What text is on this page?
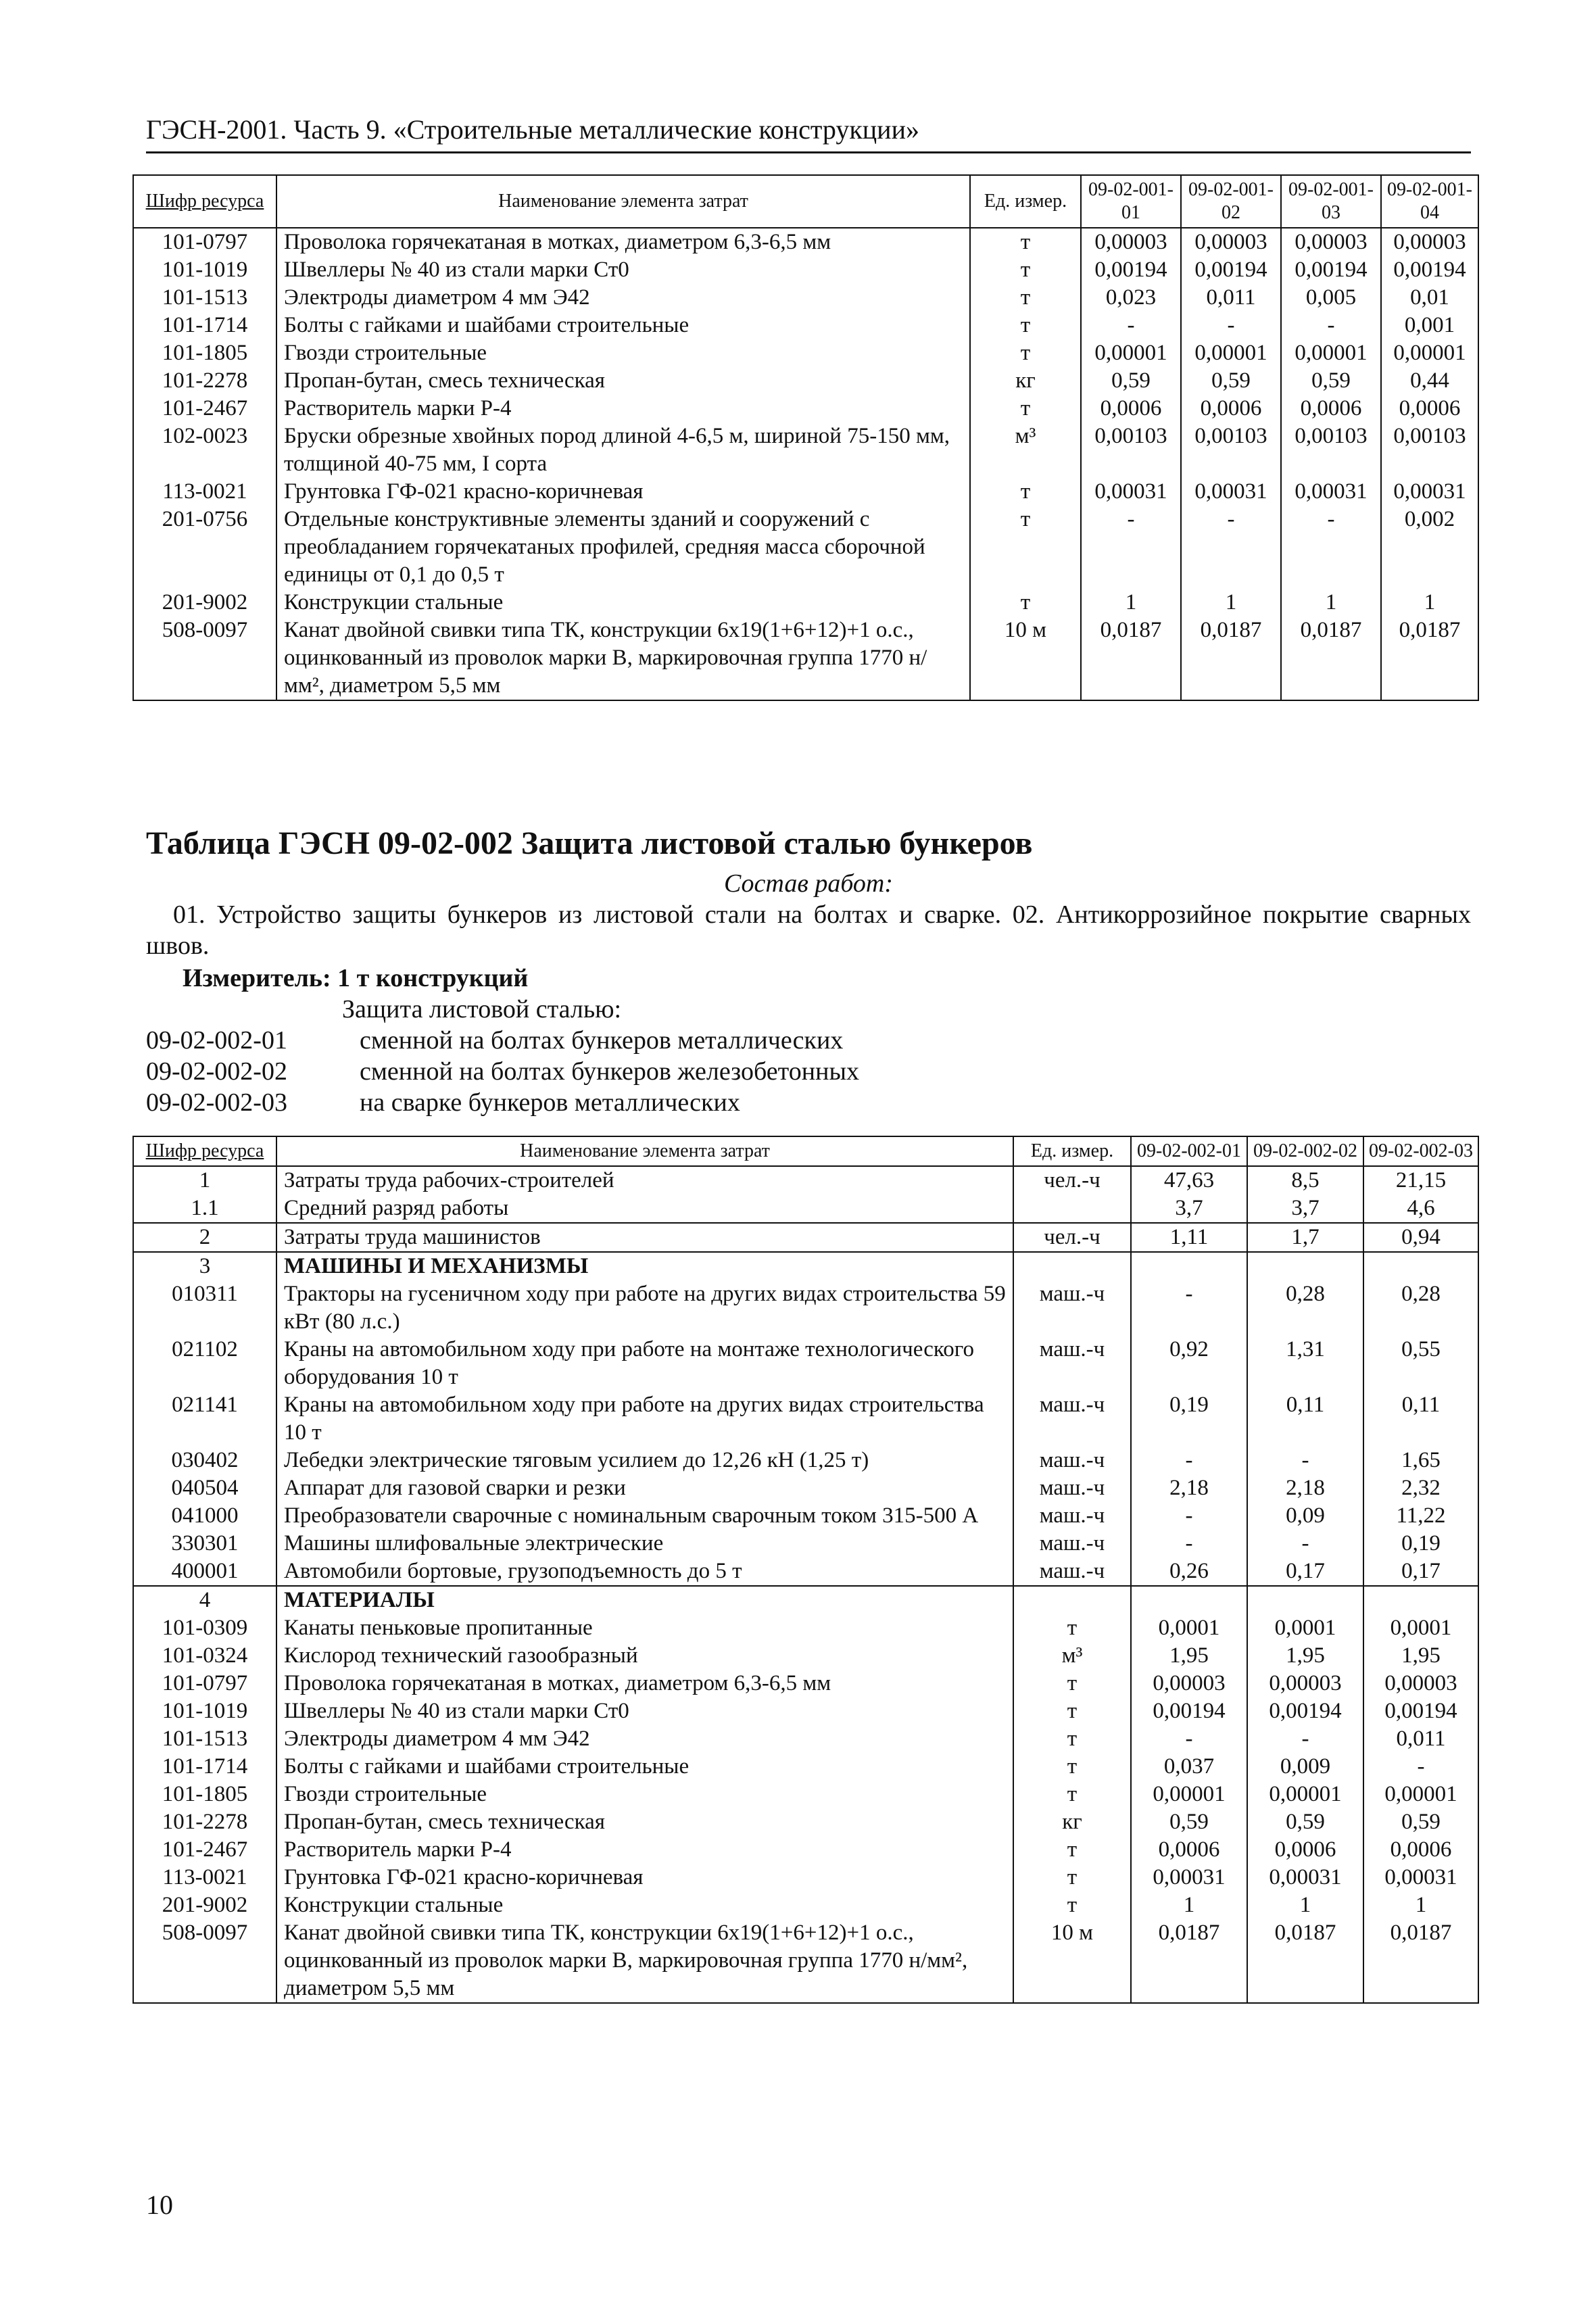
ГЭСН-2001. Часть 9. «Строительные металлические конструкции»
Шифр ресурса	Наименование элемента затрат	Ед. измер.	09-02-001-01	09-02-001-02	09-02-001-03	09-02-001-04
101-0797	Проволока горячекатаная в мотках, диаметром 6,3-6,5 мм	т	0,00003	0,00003	0,00003	0,00003
101-1019	Швеллеры № 40 из стали марки Ст0	т	0,00194	0,00194	0,00194	0,00194
101-1513	Электроды диаметром 4 мм Э42	т	0,023	0,011	0,005	0,01
101-1714	Болты с гайками и шайбами строительные	т	-	-	-	0,001
101-1805	Гвозди строительные	т	0,00001	0,00001	0,00001	0,00001
101-2278	Пропан-бутан, смесь техническая	кг	0,59	0,59	0,59	0,44
101-2467	Растворитель марки Р-4	т	0,0006	0,0006	0,0006	0,0006
102-0023	Бруски обрезные хвойных пород длиной 4-6,5 м, шириной 75-150 мм, толщиной 40-75 мм, I сорта	м³	0,00103	0,00103	0,00103	0,00103
113-0021	Грунтовка ГФ-021 красно-коричневая	т	0,00031	0,00031	0,00031	0,00031
201-0756	Отдельные конструктивные элементы зданий и сооружений с преобладанием горячекатаных профилей, средняя масса сборочной единицы от 0,1 до 0,5 т	т	-	-	-	0,002
201-9002	Конструкции стальные	т	1	1	1	1
508-0097	Канат двойной свивки типа ТК, конструкции 6х19(1+6+12)+1 о.с., оцинкованный из проволок марки В, маркировочная группа 1770 н/мм², диаметром 5,5 мм	10 м	0,0187	0,0187	0,0187	0,0187
Таблица ГЭСН 09-02-002 Защита листовой сталью бункеров
Состав работ:
01. Устройство защиты бункеров из листовой стали на болтах и сварке. 02. Антикоррозийное покрытие сварных швов.
Измеритель: 1 т конструкций
Защита листовой сталью:
09-02-002-01	сменной на болтах бункеров металлических
09-02-002-02	сменной на болтах бункеров железобетонных
09-02-002-03	на сварке бункеров металлических
Шифр ресурса	Наименование элемента затрат	Ед. измер.	09-02-002-01	09-02-002-02	09-02-002-03
1	Затраты труда рабочих-строителей	чел.-ч	47,63	8,5	21,15
1.1	Средний разряд работы		3,7	3,7	4,6
2	Затраты труда машинистов	чел.-ч	1,11	1,7	0,94
3	МАШИНЫ И МЕХАНИЗМЫ				
010311	Тракторы на гусеничном ходу при работе на других видах строительства 59 кВт (80 л.с.)	маш.-ч	-	0,28	0,28
021102	Краны на автомобильном ходу при работе на монтаже технологического оборудования 10 т	маш.-ч	0,92	1,31	0,55
021141	Краны на автомобильном ходу при работе на других видах строительства 10 т	маш.-ч	0,19	0,11	0,11
030402	Лебедки электрические тяговым усилием до 12,26 кН (1,25 т)	маш.-ч	-	-	1,65
040504	Аппарат для газовой сварки и резки	маш.-ч	2,18	2,18	2,32
041000	Преобразователи сварочные с номинальным сварочным током 315-500 А	маш.-ч	-	0,09	11,22
330301	Машины шлифовальные электрические	маш.-ч	-	-	0,19
400001	Автомобили бортовые, грузоподъемность до 5 т	маш.-ч	0,26	0,17	0,17
4	МАТЕРИАЛЫ				
101-0309	Канаты пеньковые пропитанные	т	0,0001	0,0001	0,0001
101-0324	Кислород технический газообразный	м³	1,95	1,95	1,95
101-0797	Проволока горячекатаная в мотках, диаметром 6,3-6,5 мм	т	0,00003	0,00003	0,00003
101-1019	Швеллеры № 40 из стали марки Ст0	т	0,00194	0,00194	0,00194
101-1513	Электроды диаметром 4 мм Э42	т	-	-	0,011
101-1714	Болты с гайками и шайбами строительные	т	0,037	0,009	-
101-1805	Гвозди строительные	т	0,00001	0,00001	0,00001
101-2278	Пропан-бутан, смесь техническая	кг	0,59	0,59	0,59
101-2467	Растворитель марки Р-4	т	0,0006	0,0006	0,0006
113-0021	Грунтовка ГФ-021 красно-коричневая	т	0,00031	0,00031	0,00031
201-9002	Конструкции стальные	т	1	1	1
508-0097	Канат двойной свивки типа ТК, конструкции 6х19(1+6+12)+1 о.с., оцинкованный из проволок марки В, маркировочная группа 1770 н/мм², диаметром 5,5 мм	10 м	0,0187	0,0187	0,0187
10
